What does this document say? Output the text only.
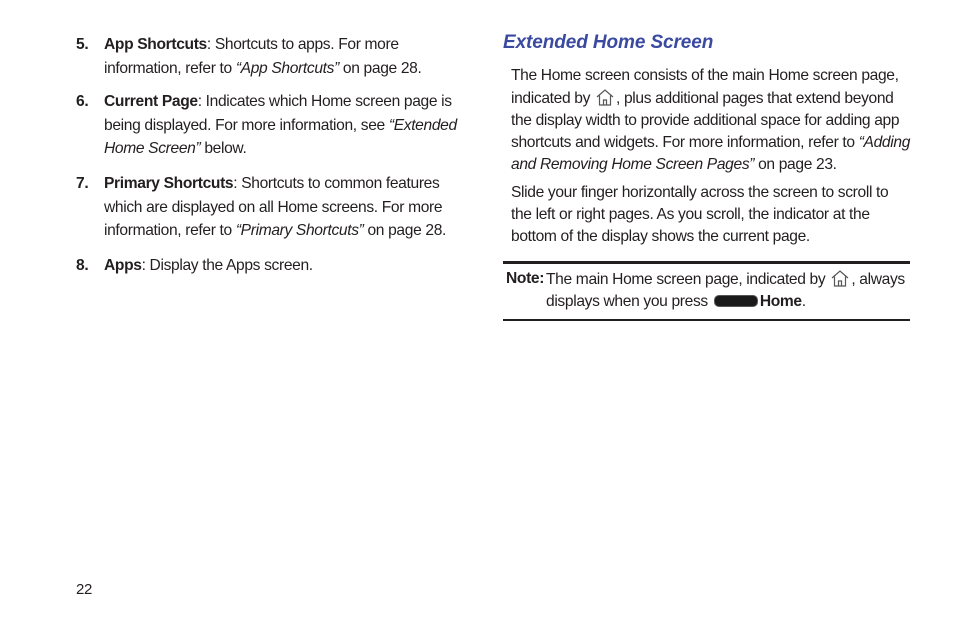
5. App Shortcuts: Shortcuts to apps. For more information, refer to “App Shortcuts” on page 28.
6. Current Page: Indicates which Home screen page is being displayed. For more information, see “Extended Home Screen” below.
7. Primary Shortcuts: Shortcuts to common features which are displayed on all Home screens. For more information, refer to “Primary Shortcuts” on page 28.
8. Apps: Display the Apps screen.
Extended Home Screen
The Home screen consists of the main Home screen page, indicated by , plus additional pages that extend beyond the display width to provide additional space for adding app shortcuts and widgets. For more information, refer to “Adding and Removing Home Screen Pages” on page 23.
Slide your finger horizontally across the screen to scroll to the left or right pages. As you scroll, the indicator at the bottom of the display shows the current page.
Note: The main Home screen page, indicated by , always displays when you press	Home.
22
